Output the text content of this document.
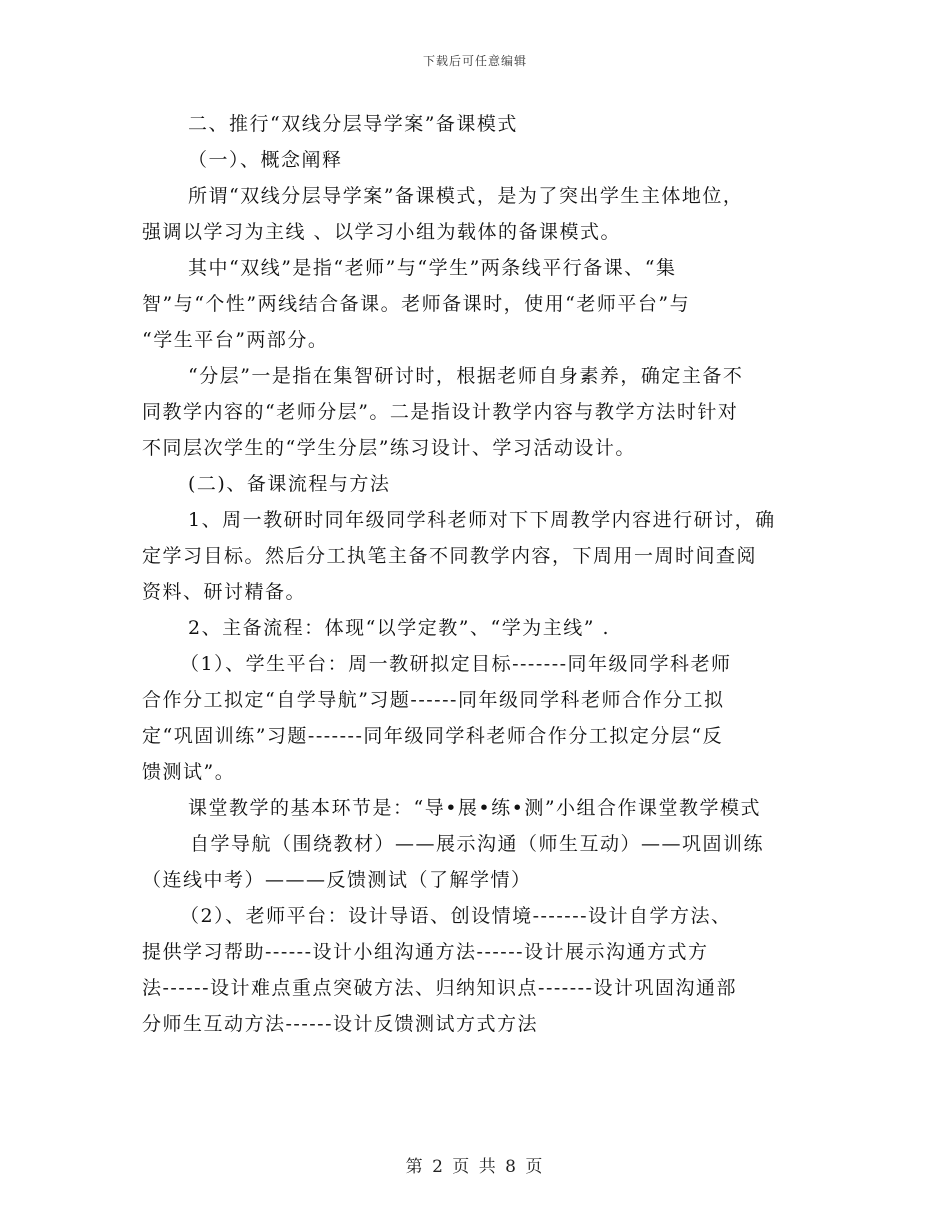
下载后可任意编辑
二、推行“双线分层导学案”备课模式
（一）、概念阐释
所谓“双线分层导学案”备课模式，是为了突出学生主体地位，
强调以学习为主线 、以学习小组为载体的备课模式。
其中“双线”是指“老师”与“学生”两条线平行备课、“集
智”与“个性”两线结合备课。老师备课时，使用“老师平台”与
“学生平台”两部分。
“分层”一是指在集智研讨时，根据老师自身素养，确定主备不
同教学内容的“老师分层”。二是指设计教学内容与教学方法时针对
不同层次学生的“学生分层”练习设计、学习活动设计。
(二)、备课流程与方法
1、周一教研时同年级同学科老师对下下周教学内容进行研讨，确
定学习目标。然后分工执笔主备不同教学内容，下周用一周时间查阅
资料、研讨精备。
2、主备流程：体现“以学定教”、“学为主线” .
（1）、学生平台：周一教研拟定目标-------同年级同学科老师
合作分工拟定“自学导航”习题------同年级同学科老师合作分工拟
定“巩固训练”习题-------同年级同学科老师合作分工拟定分层“反
馈测试”。
课堂教学的基本环节是：“导•展•练•测”小组合作课堂教学模式
自学导航（围绕教材）——展示沟通（师生互动）——巩固训练
（连线中考）———反馈测试（了解学情）
（2）、老师平台：设计导语、创设情境-------设计自学方法、
提供学习帮助------设计小组沟通方法------设计展示沟通方式方
法------设计难点重点突破方法、归纳知识点-------设计巩固沟通部
分师生互动方法------设计反馈测试方式方法
第 2 页 共 8 页
